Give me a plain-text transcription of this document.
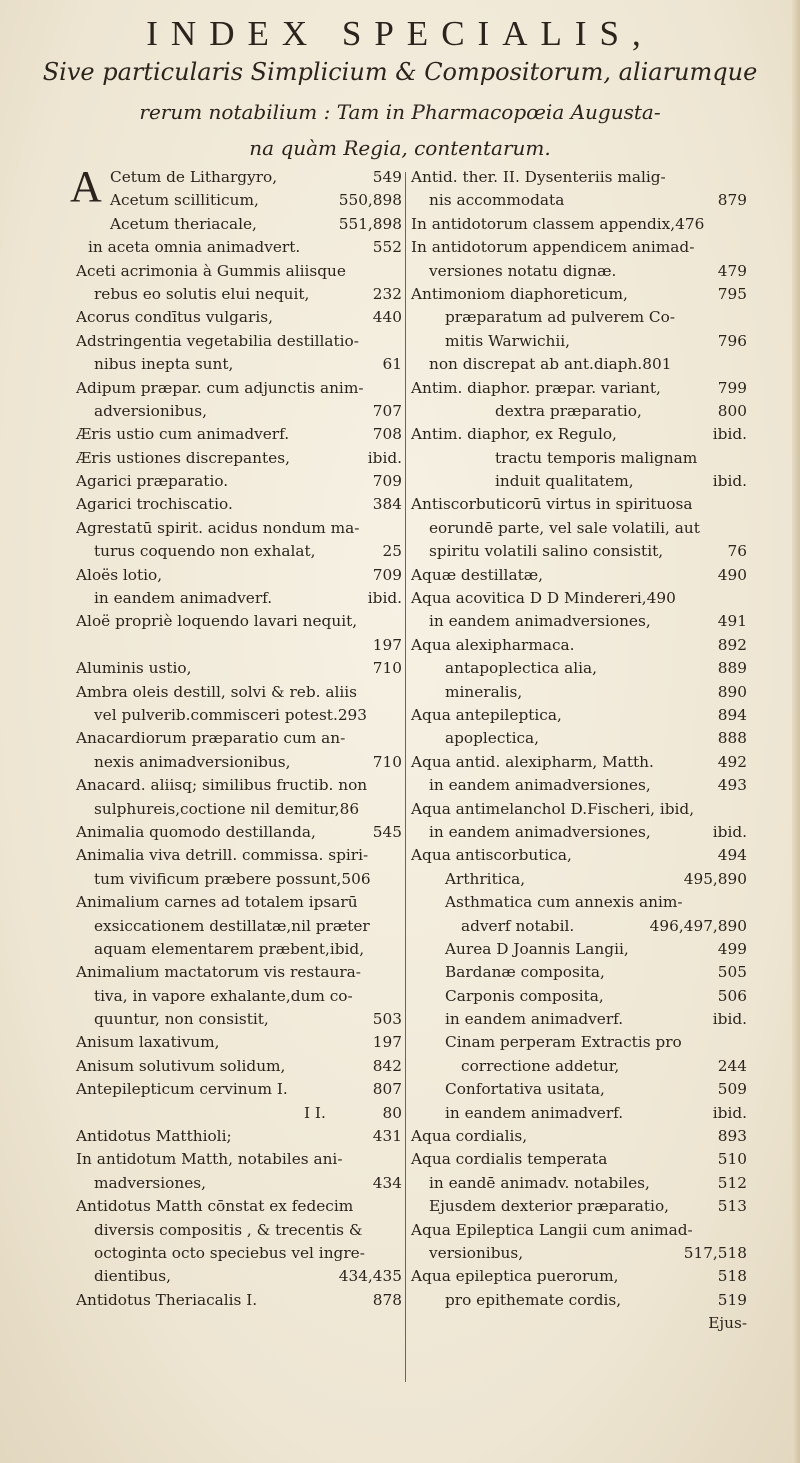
INDEX SPECIALIS,
Sive particularis Simplicium & Compositorum, aliarumque
rerum notabilium : Tam in Pharmacopœia Augusta-
na quàm Regia, contentarum.
A Cetum de Lithargyro,	549
Acetum scilliticum,	550,898
Acetum theriacale,	551,898
in aceta omnia animadvert.	552
Aceti acrimonia à Gummis aliisque
rebus eo solutis elui nequit,	232
Acorus condītus vulgaris,	440
Adstringentia vegetabilia destillatio-
nibus inepta sunt,	61
Adipum præpar. cum adjunctis anim-
adversionibus,	707
Æris ustio cum animadverf.	708
Æris ustiones discrepantes,	ibid.
Agarici præparatio.	709
Agarici trochiscatio.	384
Agrestatū spirit. acidus nondum ma-
turus coquendo non exhalat,	25
Aloës lotio,	709
in eandem animadverf.	ibid.
Aloë propriè loquendo lavari nequit,
197
Aluminis ustio,	710
Ambra oleis destill, solvi & reb. aliis
vel pulverib.commisceri potest.293
Anacardiorum præparatio cum an-
nexis animadversionibus,	710
Anacard. aliisq; similibus fructib. non
sulphureis,coctione nil demitur,86
Animalia quomodo destillanda,	545
Animalia viva detrill. commissa. spiri-
tum vivificum præbere possunt,506
Animalium carnes ad totalem ipsarū
exsiccationem destillatæ,nil præter
aquam elementarem præbent,ibid,
Animalium mactatorum vis restaura-
tiva, in vapore exhalante,dum co-
quuntur, non consistit,	503
Anisum laxativum,	197
Anisum solutivum solidum,	842
Antepilepticum cervinum I.	807
I I.	80
Antidotus Matthioli;	431
In antidotum Matth, notabiles ani-
madversiones,	434
Antidotus Matth cōnstat ex fedecim
diversis compositis , & trecentis &
octoginta octo speciebus vel ingre-
dientibus,	434,435
Antidotus Theriacalis I.	878
Antid. ther. II. Dysenteriis malig-
nis accommodata	879
In antidotorum classem appendix,476
In antidotorum appendicem animad-
versiones notatu dignæ.	479
Antimoniom diaphoreticum,	795
præparatum ad pulverem Co-
mitis Warwichii,	796
non discrepat ab ant.diaph.801
Antim. diaphor. præpar. variant,	799
dextra præparatio,	800
Antim. diaphor, ex Regulo,	ibid.
tractu temporis malignam
induit qualitatem,	ibid.
Antiscorbuticorū virtus in spirituosa
eorundē parte, vel sale volatili, aut
spiritu volatili salino consistit,	76
Aquæ destillatæ,	490
Aqua acovitica D D Mindereri,490
in eandem animadversiones,	491
Aqua alexipharmaca.	892
antapoplectica alia,	889
mineralis,	890
Aqua antepileptica,	894
apoplectica,	888
Aqua antid. alexipharm, Matth.	492
in eandem animadversiones,	493
Aqua antimelanchol D.Fischeri, ibid,
in eandem animadversiones,	ibid.
Aqua antiscorbutica,	494
Arthritica,	495,890
Asthmatica cum annexis anim-
adverf notabil.	496,497,890
Aurea D Joannis Langii,	499
Bardanæ composita,	505
Carponis composita,	506
in eandem animadverf.	ibid.
Cinam perperam Extractis pro
correctione addetur,	244
Confortativa usitata,	509
in eandem animadverf.	ibid.
Aqua cordialis,	893
Aqua cordialis temperata	510
in eandē animadv. notabiles,	512
Ejusdem dexterior præparatio,	513
Aqua Epileptica Langii cum animad-
versionibus,	517,518
Aqua epileptica puerorum,	518
pro epithemate cordis,	519
Ejus-
